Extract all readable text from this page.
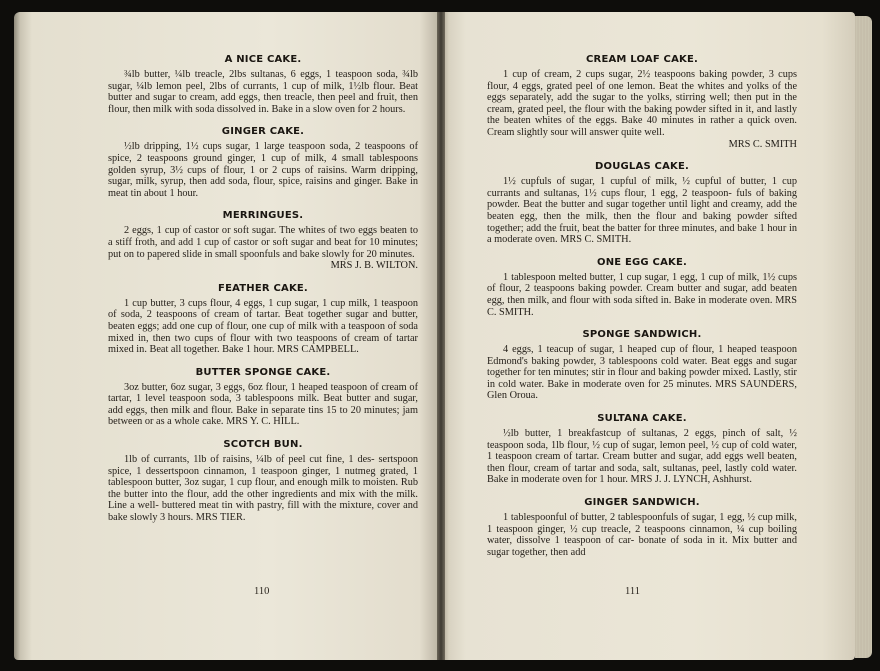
A NICE CAKE.

¾lb butter, ¼lb treacle, 2lbs sultanas, 6 eggs, 1 teaspoon soda, ¾lb sugar, ¼lb lemon peel, 2lbs of currants, 1 cup of milk, 1½lb flour. Beat butter and sugar to cream, add eggs, then treacle, then peel and fruit, then flour, then milk with soda dissolved in. Bake in a slow oven for 2 hours.

GINGER CAKE.

½lb dripping, 1½ cups sugar, 1 large teaspoon soda, 2 teaspoons of spice, 2 teaspoons ground ginger, 1 cup of milk, 4 small tablespoons golden syrup, 3½ cups of flour, 1 or 2 cups of raisins. Warm dripping, sugar, milk, syrup, then add soda, flour, spice, raisins and ginger. Bake in meat tin about 1 hour.

MERRINGUES.

2 eggs, 1 cup of castor or soft sugar. The whites of two eggs beaten to a stiff froth, and add 1 cup of castor or soft sugar and beat for 10 minutes; put on to papered slide in small spoonfuls and bake slowly for 20 minutes.

MRS J. B. WILTON.
FEATHER CAKE.

1 cup butter, 3 cups flour, 4 eggs, 1 cup sugar, 1 cup milk, 1 teaspoon of soda, 2 teaspoons of cream of tartar. Beat together sugar and butter, beaten eggs; add one cup of flour, one cup of milk with a teaspoon of soda mixed in, then two cups of flour with two teaspoons of cream of tartar mixed in. Beat all together. Bake 1 hour. MRS CAMPBELL.

BUTTER SPONGE CAKE.

3oz butter, 6oz sugar, 3 eggs, 6oz flour, 1 heaped teaspoon of cream of tartar, 1 level teaspoon soda, 3 tablespoons milk. Beat butter and sugar, add eggs, then milk and flour. Bake in separate tins 15 to 20 minutes; jam between or as a whole cake. MRS Y. C. HILL.

SCOTCH BUN.

1lb of currants, 1lb of raisins, ¼lb of peel cut fine, 1 des- sertspoon spice, 1 dessertspoon cinnamon, 1 teaspoon ginger, 1 nutmeg grated, 1 tablespoon butter, 3oz sugar, 1 cup flour, and enough milk to moisten. Rub the butter into the flour, add the other ingredients and mix with the milk. Line a well- buttered meat tin with pastry, fill with the mixture, cover and bake slowly 3 hours. MRS TIER.

110
CREAM LOAF CAKE.

1 cup of cream, 2 cups sugar, 2½ teaspoons baking powder, 3 cups flour, 4 eggs, grated peel of one lemon. Beat the whites and yolks of the eggs separately, add the sugar to the yolks, stirring well; then put in the cream, grated peel, the flour with the baking powder sifted in it, and lastly the beaten whites of the eggs. Bake 40 minutes in rather a quick oven. Cream slightly sour will answer quite well.

MRS C. SMITH
DOUGLAS CAKE.

1½ cupfuls of sugar, 1 cupful of milk, ½ cupful of butter, 1 cup currants and sultanas, 1½ cups flour, 1 egg, 2 teaspoon- fuls of baking powder. Beat the butter and sugar together until light and creamy, add the beaten egg, then the milk, then the flour and baking powder sifted together; add the fruit, beat the batter for three minutes, and bake 1 hour in a moderate oven. MRS C. SMITH.

ONE EGG CAKE.

1 tablespoon melted butter, 1 cup sugar, 1 egg, 1 cup of milk, 1½ cups of flour, 2 teaspoons baking powder. Cream butter and sugar, add beaten egg, then milk, and flour with soda sifted in. Bake in moderate oven. MRS C. SMITH.

SPONGE SANDWICH.

4 eggs, 1 teacup of sugar, 1 heaped cup of flour, 1 heaped teaspoon Edmond's baking powder, 3 tablespoons cold water. Beat eggs and sugar together for ten minutes; stir in flour and baking powder mixed. Lastly, stir in cold water. Bake in moderate oven for 25 minutes. MRS SAUNDERS, Glen Oroua.

SULTANA CAKE.

½lb butter, 1 breakfastcup of sultanas, 2 eggs, pinch of salt, ½ teaspoon soda, 1lb flour, ½ cup of sugar, lemon peel, ½ cup of cold water, 1 teaspoon cream of tartar. Cream butter and sugar, add eggs well beaten, then flour, cream of tartar and soda, salt, sultanas, peel, lastly cold water. Bake in moderate oven for 1 hour. MRS J. J. LYNCH, Ashhurst.

GINGER SANDWICH.

1 tablespoonful of butter, 2 tablespoonfuls of sugar, 1 egg, ½ cup milk, 1 teaspoon ginger, ½ cup treacle, 2 teaspoons cinnamon, ¼ cup boiling water, dissolve 1 teaspoon of car- bonate of soda in it. Mix butter and sugar together, then add

111
